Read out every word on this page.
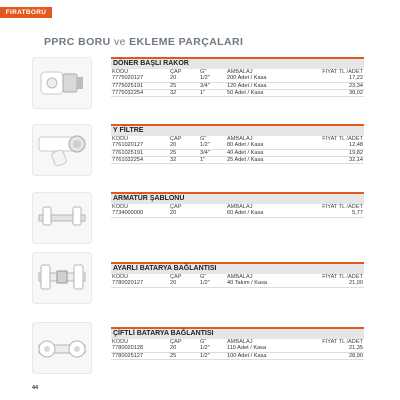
FIRATBORU
PPRC BORU ve EKLEME PARÇALARI
DÖNER BAŞLI RAKOR
KODU	ÇAP	G''	AMBALAJ	FIYAT TL /ADET
7775020127	20	1/2''	200 Adet / Kasa	17,22
7775025191	25	3/4''	120 Adet / Kasa	23,34
7775032254	32	1''	50 Adet / Kasa	38,02
Y FİLTRE
KODU	ÇAP	G''	AMBALAJ	FIYAT TL /ADET
7761020127	20	1/2''	80 Adet / Kasa	12,48
7761025191	25	3/4''	40 Adet / Kasa	19,82
7761032254	32	1''	25 Adet / Kasa	32,14
ARMATÜR ŞABLONU
KODU	ÇAP		AMBALAJ	FIYAT TL /ADET
7734000000	20		60 Adet / Kasa	5,77
AYARLI BATARYA BAĞLANTISI
KODU	ÇAP	G''	AMBALAJ	FIYAT TL /ADET
7780020127	20	1/2''	40 Takım / Kasa	21,00
ÇİFTLİ BATARYA BAĞLANTISI
KODU	ÇAP	G''	AMBALAJ	FIYAT TL /ADET
7780020128	20	1/2''	110 Adet / Kasa	21,35
7780025127	25	1/2''	100 Adet / Kasa	28,90
44
